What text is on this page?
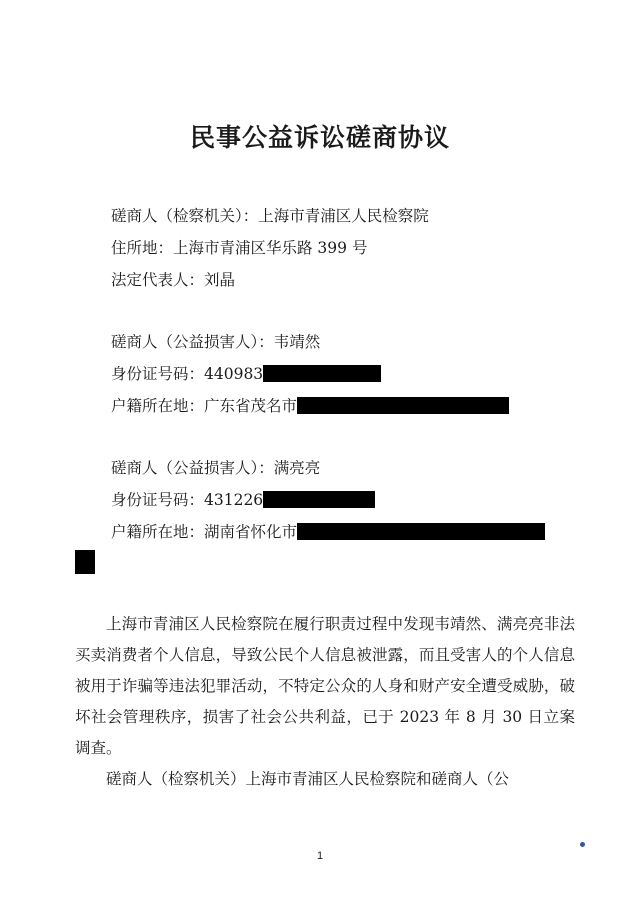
民事公益诉讼磋商协议
磋商人（检察机关）：上海市青浦区人民检察院
住所地：上海市青浦区华乐路 399 号
法定代表人：刘晶
磋商人（公益损害人）：韦靖然
身份证号码：440983
户籍所在地：广东省茂名市
磋商人（公益损害人）：满亮亮
身份证号码：431226
户籍所在地：湖南省怀化市

上海市青浦区人民检察院在履行职责过程中发现韦靖然、满亮亮非法买卖消费者个人信息，导致公民个人信息被泄露，而且受害人的个人信息被用于诈骗等违法犯罪活动，不特定公众的人身和财产安全遭受威胁，破坏社会管理秩序，损害了社会公共利益，已于 2023 年 8 月 30 日立案调查。

磋商人（检察机关）上海市青浦区人民检察院和磋商人（公

1
